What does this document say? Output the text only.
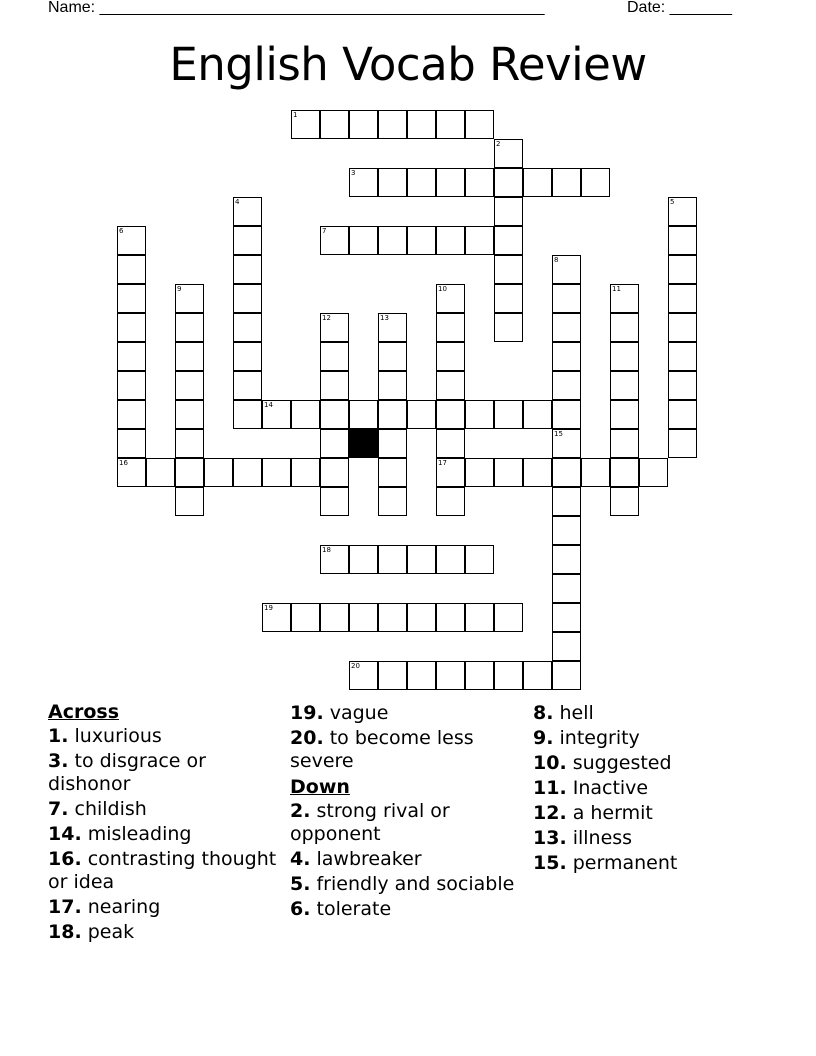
Name: __________________________________________________	Date: _______
English Vocab Review
1
2
3
4	5
6	7
8
9	10
17
11
12	13
14
15
16
18
19
20
Across
1. luxurious
3. to disgrace or dishonor
7. childish
14. misleading
16. contrasting thought or idea
17. nearing
18. peak
19. vague
20. to become less severe
Down
2. strong rival or opponent
4. lawbreaker
5. friendly and sociable
6. tolerate
8. hell
9. integrity
10. suggested
11. Inactive
12. a hermit
13. illness
15. permanent
